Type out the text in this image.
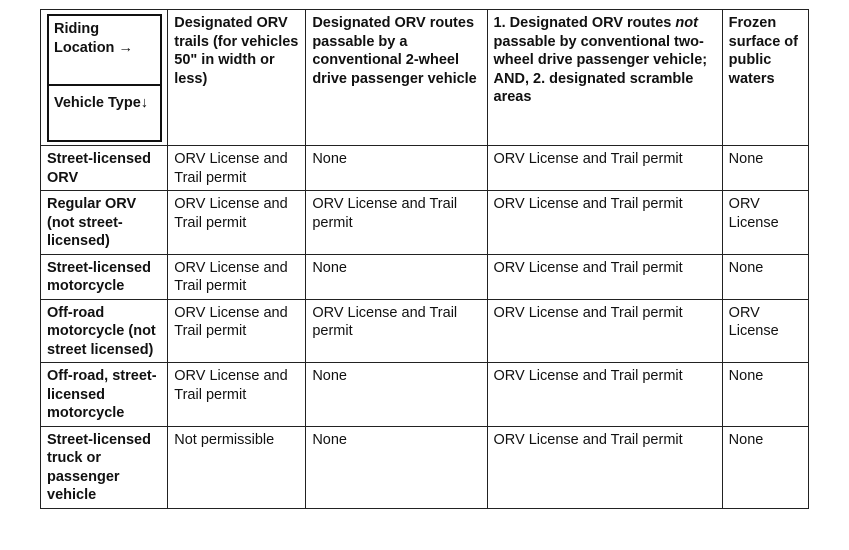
Riding Location →
Vehicle Type↓	Designated ORV trails (for vehicles 50" in width or less)	Designated ORV routes passable by a conventional 2-wheel drive passenger vehicle	1. Designated ORV routes not passable by conventional two-wheel drive passenger vehicle; AND, 2. designated scramble areas	Frozen surface of public waters
Street-licensed ORV	ORV License and Trail permit	None	ORV License and Trail permit	None
Regular ORV (not street-licensed)	ORV License and Trail permit	ORV License and Trail permit	ORV License and Trail permit	ORV License
Street-licensed motorcycle	ORV License and Trail permit	None	ORV License and Trail permit	None
Off-road motorcycle (not street licensed)	ORV License and Trail permit	ORV License and Trail permit	ORV License and Trail permit	ORV License
Off-road, street-licensed motorcycle	ORV License and Trail permit	None	ORV License and Trail permit	None
Street-licensed truck or passenger vehicle	Not permissible	None	ORV License and Trail permit	None
